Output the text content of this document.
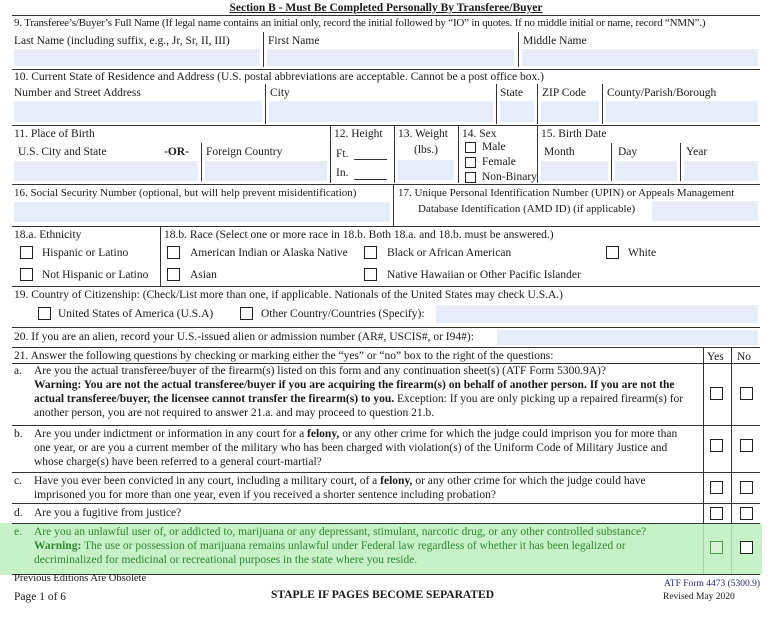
Section B - Must Be Completed Personally By Transferee/Buyer
9. Transferee’s/Buyer’s Full Name (If legal name contains an initial only, record the initial followed by “IO” in quotes. If no middle initial or name, record “NMN”.)
Last Name (including suffix, e.g., Jr, Sr, II, III)	First Name	Middle Name
10. Current State of Residence and Address (U.S. postal abbreviations are acceptable. Cannot be a post office box.)
Number and Street Address	City	State ZIP Code County/Parish/Borough
11. Place of Birth
U.S. City and State	-OR- Foreign Country
12. Height
Ft.
In.
13. Weight
(lbs.)
14. Sex
Male
Female
Non-Binary
15. Birth Date
Month	Day	Year
16. Social Security Number (optional, but will help prevent misidentification)	17. Unique Personal Identification Number (UPIN) or Appeals Management
Database Identification (AMD ID) (if applicable)
18.a. Ethnicity
Hispanic or Latino
Not Hispanic or Latino
18.b. Race (Select one or more race in 18.b. Both 18.a. and 18.b. must be answered.)
American Indian or Alaska Native	Black or African American	White
Asian	Native Hawaiian or Other Pacific Islander
19. Country of Citizenship: (Check/List more than one, if applicable. Nationals of the United States may check U.S.A.)
United States of America (U.S.A)	Other Country/Countries (Specify):
20. If you are an alien, record your U.S.-issued alien or admission number (AR#, USCIS#, or I94#):
21. Answer the following questions by checking or marking either the “yes” or “no” box to the right of the questions:	Yes No
a. Are you the actual transferee/buyer of the firearm(s) listed on this form and any continuation sheet(s) (ATF Form 5300.9A)?
Warning: You are not the actual transferee/buyer if you are acquiring the firearm(s) on behalf of another person. If you are not the actual transferee/buyer, the licensee cannot transfer the firearm(s) to you. Exception: If you are only picking up a repaired firearm(s) for another person, you are not required to answer 21.a. and may proceed to question 21.b.
b. Are you under indictment or information in any court for a felony, or any other crime for which the judge could imprison you for more than one year, or are you a current member of the military who has been charged with violation(s) of the Uniform Code of Military Justice and whose charge(s) have been referred to a general court-martial?
c. Have you ever been convicted in any court, including a military court, of a felony, or any other crime for which the judge could have imprisoned you for more than one year, even if you received a shorter sentence including probation?
d. Are you a fugitive from justice?
e. Are you an unlawful user of, or addicted to, marijuana or any depressant, stimulant, narcotic drug, or any other controlled substance?
Warning: The use or possession of marijuana remains unlawful under Federal law regardless of whether it has been legalized or decriminalized for medicinal or recreational purposes in the state where you reside.
Previous Editions Are Obsolete
Page 1 of 6	STAPLE IF PAGES BECOME SEPARATED
ATF Form 4473 (5300.9)
Revised May 2020
